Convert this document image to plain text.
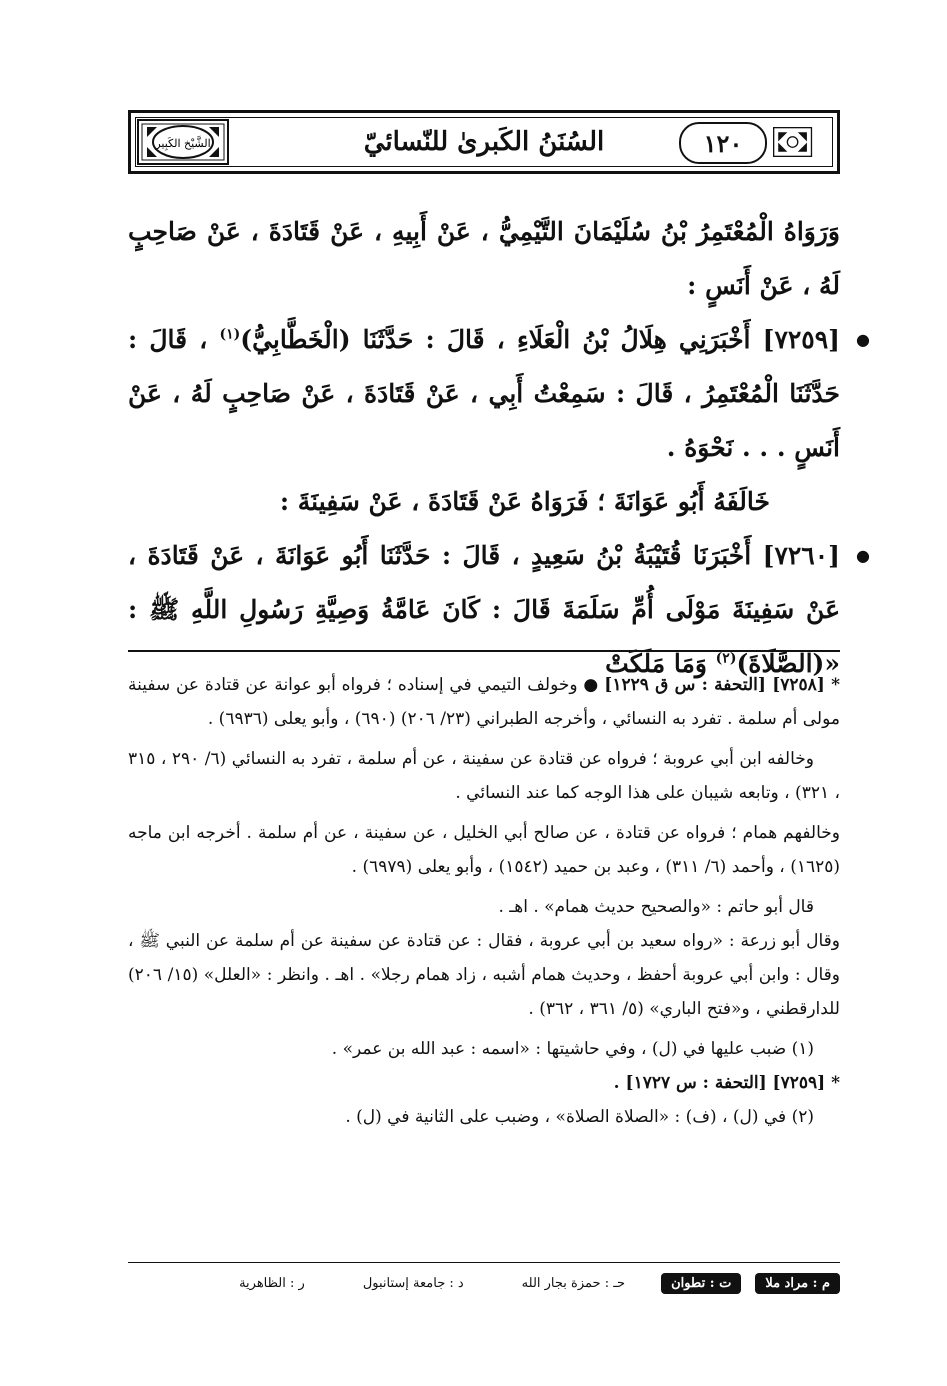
الشَّيْخ الكَبِير	السُنَنُ الكَبرىٰ للنّسائيّ	١٢٠

وَرَوَاهُ الْمُعْتَمِرُ بْنُ سُلَيْمَانَ التَّيْمِيُّ ، عَنْ أَبِيهِ ، عَنْ قَتَادَةَ ، عَنْ صَاحِبٍ لَهُ ، عَنْ أَنَسٍ :

● [٧٢٥٩] أَخْبَرَنِي هِلَالُ بْنُ الْعَلَاءِ ، قَالَ : حَدَّثَنَا (الْخَطَّابِيُّ)$^{(١)}$ ، قَالَ : حَدَّثَنَا الْمُعْتَمِرُ ، قَالَ : سَمِعْتُ أَبِي ، عَنْ قَتَادَةَ ، عَنْ صَاحِبٍ لَهُ ، عَنْ أَنَسٍ . . . نَحْوَهُ .

خَالَفَهُ أَبُو عَوَانَةَ ؛ فَرَوَاهُ عَنْ قَتَادَةَ ، عَنْ سَفِينَةَ :

● [٧٢٦٠] أَخْبَرَنَا قُتَيْبَةُ بْنُ سَعِيدٍ ، قَالَ : حَدَّثَنَا أَبُو عَوَانَةَ ، عَنْ قَتَادَةَ ، عَنْ سَفِينَةَ مَوْلَى أُمِّ سَلَمَةَ قَالَ : كَانَ عَامَّةُ وَصِيَّةِ رَسُولِ اللَّهِ ﷺ : «(الصَّلَاةَ)$^{(٢)}$ وَمَا مَلَكَتْ

* [٧٢٥٨] [التحفة : س ق ١٢٢٩] ● وخولف التيمي في إسناده ؛ فرواه أبو عوانة عن قتادة عن سفينة مولى أم سلمة . تفرد به النسائي ، وأخرجه الطبراني (٢٣/ ٢٠٦) (٦٩٠) ، وأبو يعلى (٦٩٣٦) .

وخالفه ابن أبي عروبة ؛ فرواه عن قتادة عن سفينة ، عن أم سلمة ، تفرد به النسائي (٦/ ٢٩٠ ، ٣١٥ ، ٣٢١) ، وتابعه شيبان على هذا الوجه كما عند النسائي .

وخالفهم همام ؛ فرواه عن قتادة ، عن صالح أبي الخليل ، عن سفينة ، عن أم سلمة . أخرجه ابن ماجه (١٦٢٥) ، وأحمد (٦/ ٣١١) ، وعبد بن حميد (١٥٤٢) ، وأبو يعلى (٦٩٧٩) .

قال أبو حاتم : «والصحيح حديث همام» . اهـ .

وقال أبو زرعة : «رواه سعيد بن أبي عروبة ، فقال : عن قتادة عن سفينة عن أم سلمة عن النبي ﷺ ، وقال : وابن أبي عروبة أحفظ ، وحديث همام أشبه ، زاد همام رجلا» . اهـ . وانظر : «العلل» (١٥/ ٢٠٦) للدارقطني ، و«فتح الباري» (٥/ ٣٦١ ، ٣٦٢) .

(١) ضبب عليها في (ل) ، وفي حاشيتها : «اسمه : عبد الله بن عمر» .

* [٧٢٥٩] [التحفة : س ١٧٢٧] .

(٢) في (ل) ، (ف) : «الصلاة الصلاة» ، وضبب على الثانية في (ل) .

م : مراد ملا
ت : تطوان
حـ : حمزة بجار الله
د : جامعة إستانبول
ر : الظاهرية
